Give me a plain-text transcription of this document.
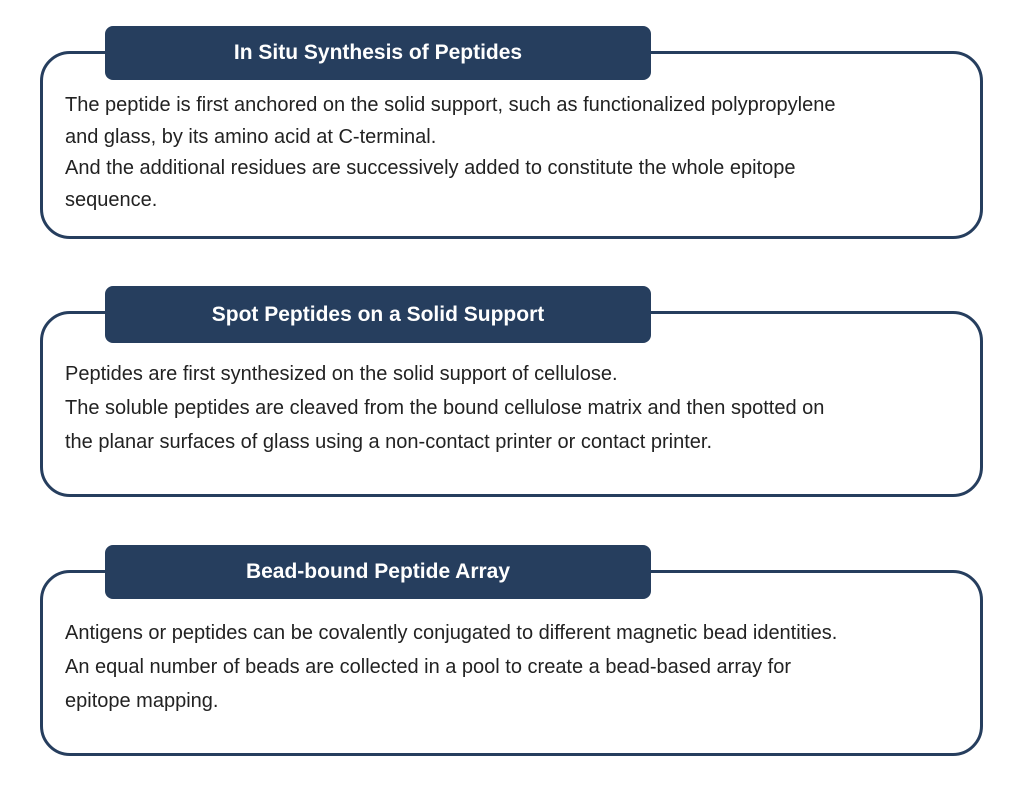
In Situ Synthesis of Peptides
The peptide is first anchored on the solid support, such as functionalized polypropylene
and glass, by its amino acid at C-terminal.
And the additional residues are successively added to constitute the whole epitope
sequence.
Spot Peptides on a Solid Support
Peptides are first synthesized on the solid support of cellulose.
The soluble peptides are cleaved from the bound cellulose matrix and then spotted on
the planar surfaces of glass using a non-contact printer or contact printer.
Bead-bound Peptide Array
Antigens or peptides can be covalently conjugated to different magnetic bead identities.
An equal number of beads are collected in a pool to create a bead-based array for
epitope mapping.
